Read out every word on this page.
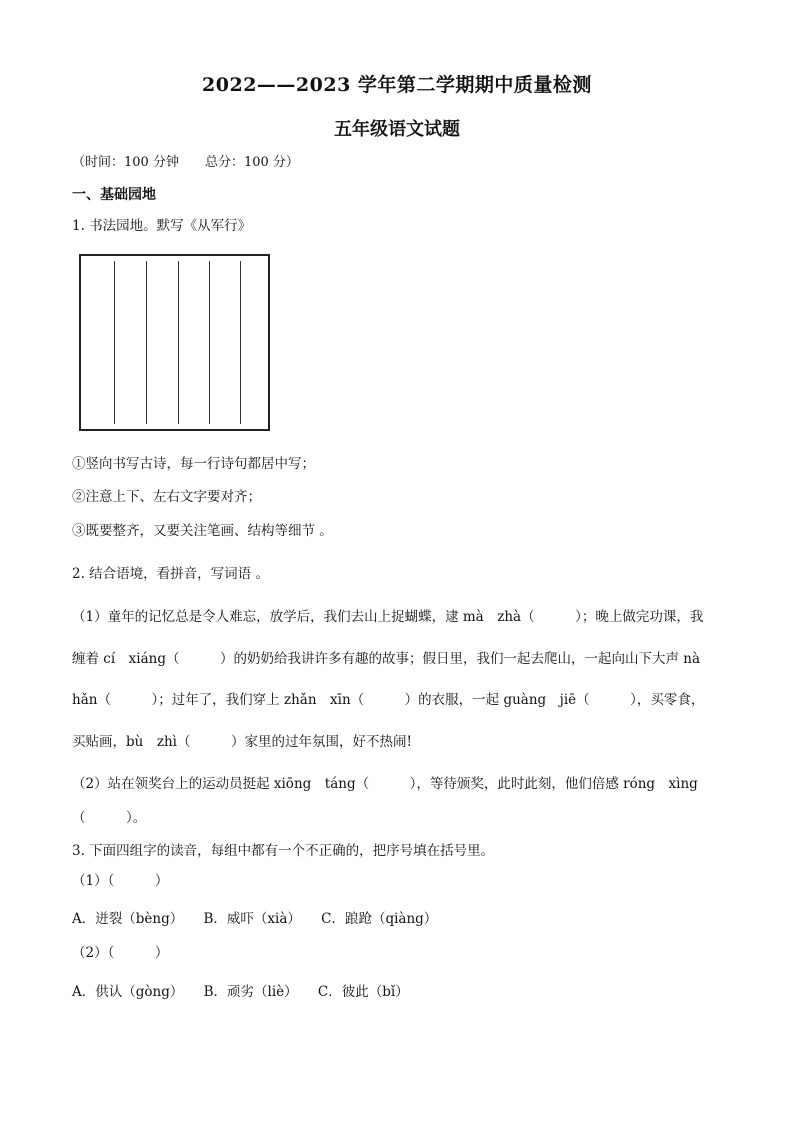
2022——2023 学年第二学期期中质量检测
五年级语文试题
（时间：100 分钟　　总分：100 分）
一、基础园地
1. 书法园地。默写《从军行》
①竖向书写古诗，每一行诗句都居中写；
②注意上下、左右文字要对齐；
③既要整齐，又要关注笔画、结构等细节 。
2. 结合语境，看拼音，写词语 。
（1）童年的记忆总是令人难忘，放学后，我们去山上捉蝴蝶，逮 mà　zhà（　　　）；晚上做完功课，我
缠着 cí　xiáng（　　　）的奶奶给我讲许多有趣的故事；假日里，我们一起去爬山，一起向山下大声 nà
hǎn（　　　）；过年了，我们穿上 zhǎn　xīn（　　　）的衣服，一起 guàng　jiē（　　　），买零食，
买贴画，bù　zhì（　　　）家里的过年氛围，好不热闹!
（2）站在领奖台上的运动员挺起 xiōng　táng（　　　），等待颁奖，此时此刻，他们倍感 róng　xìng
（　　　）。
3. 下面四组字的读音，每组中都有一个不正确的，把序号填在括号里。
（1）（　　　）
A．迸裂（bèng）　　B．威吓（xià）　　C．踉跄（qiàng）
（2）（　　　）
A．供认（gòng）　　B．顽劣（liè）　　C．彼此（bǐ）
